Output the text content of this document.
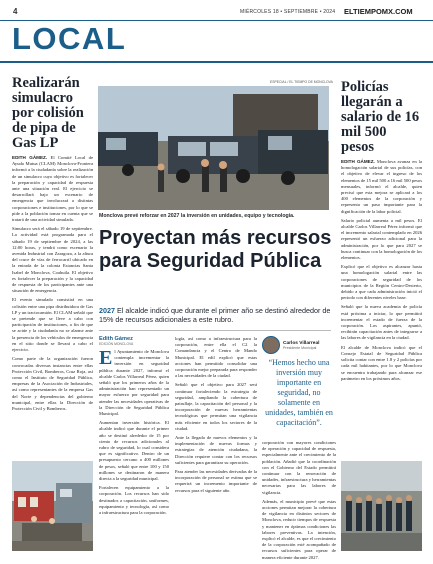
4	MIÉRCOLES 18 • SEPTIEMBRE • 2024 ELTIEMPOMX.COM
LOCAL
Realizarán simulacro por colisión de pipa de Gas LP

EDITH GÁMEZ. El Comité Local de Ayuda Mutua (CLAM) Monclova-Frontera informó a la ciudadanía sobre la realización de un simulacro cuyo objetivo es fortalecer la preparación y capacidad de respuesta ante una situación real. El ejercicio se desarrollará bajo un escenario de emergencia que involucrará a distintas corporaciones e instituciones, por lo que se pide a la población tomar en cuenta que se tratará de una actividad simulada.

Simulacro será el sábado 19 de septiembre. La actividad está programada para el sábado 19 de septiembre de 2024, a las 12:00 horas, y tendrá como escenario la avenida Industrial con Zaragoza, a la altura del cruce de vías de ferrocarril ubicado en la entrada de la colonia Estancias Santa Isabel de Monclova, Coahuila. El objetivo es fortalecer la preparación y la capacidad de respuesta de los participantes ante una situación de emergencia.

El evento simulado consistirá en una colisión entre una pipa distribuidora de Gas LP y un tractocamión. El CLAM señaló que se pretende que se lleve a cabo con participación de instituciones, a fin de que se actúe y la ciudadanía no se alarme ante la presencia de los vehículos de emergencia en el sitio donde se llevará a cabo el ejercicio.

Como parte de la organización fueron convocadas diversas instancias entre ellas Protección Civil, Bomberos, Cruz Roja, así como el Instituto de Seguridad Pública, empresas de la Asociación de Industriales, así como representantes de la empresa Gas del Norte y dependencias del gobierno municipal, entre ellas la Dirección de Protección Civil y Bomberos.

ESPECIAL / EL TIEMPO DE MONCLOVA
Monclova prevé reforzar en 2027 la inversión en unidades, equipo y tecnología.
Proyectan más recursos para Seguridad Pública
2027 El alcalde indicó que durante el primer año se destinó alrededor de 15% de recursos adicionales a este rubro.
Edith Gámez
EDICIÓN MONCLOVA

El Ayuntamiento de Monclova contempla incrementar la inversión en seguridad pública durante 2027, informó el alcalde Carlos Villarreal Pérez, quien señaló que los primeros años de la administración han representado un mayor esfuerzo por seguridad para atender las necesidades operativas de la Dirección de Seguridad Pública Municipal.

Aumentan inversión histórica. El alcalde indicó que durante el primer año se destinó alrededor de 15 por ciento de recursos adicionales al rubro de seguridad, lo cual considera que es significativo. Dentro de un presupuesto cercano a 400 millones de pesos, señaló que entre 100 y 150 millones se destinaron de manera directa a la seguridad municipal.

Fortalecen equipamiento a la corporación. Los recursos han sido destinados a capacitación, uniformes, equipamiento y tecnología, así como a infraestructura para la corporación.

logía, así como a infraestructura para la corporación, entre ella el C2 la Comandancia y el Centro de Mando Municipal. El edil explicó que estas acciones han permitido consolidar una corporación mejor preparada para responder a las necesidades de la ciudad.

Señaló que el objetivo para 2027 será continuar fortaleciendo la estrategia de seguridad, ampliando la cobertura de patrullaje, la capacitación del personal y la incorporación de nuevas herramientas tecnológicas que permitan una vigilancia más eficiente en todos los sectores de la ciudad.

Ante la llegada de nuevos elementos y la implementación de nuevas formas y estrategias de atención ciudadana, la Dirección requiere contar con los recursos suficientes para garantizar su operación.

Para atender las necesidades derivadas de la incorporación de personal se estima que se requerirá un incremento importante de recursos para el siguiente año.

Carlos Villarreal
Presidente Municipal
“Hemos hecho una inversión muy importante en seguridad, no solamente en unidades, también en capacitación”.

corporación con mayores condiciones de operación y capacidad de respuesta, especialmente ante el crecimiento de la población. Añadió que la coordinación con el Gobierno del Estado permitirá continuar con la renovación de unidades, infraestructura y herramientas necesarias para las labores de vigilancia.

Además, el municipio prevé que estas acciones permitan mejorar la cobertura de vigilancia en distintos sectores de Monclova, reducir tiempos de respuesta y mantener en óptimas condiciones las labores preventivas. La intención, explicó el alcalde, es que el crecimiento de la corporación esté acompañado de recursos suficientes para operar de manera eficiente durante 2027.

Policías llegarán a salario de 16 mil 500 pesos

EDITH GÁMEZ. Monclova avanza en la homologación salarial de sus policías, con el objetivo de elevar el ingreso de los elementos de 15 mil 500 a 16 mil 500 pesos mensuales, informó el alcalde, quien precisó que esta mejora se aplicará a los 400 elementos de la corporación y representa un paso importante para la dignificación de la labor policial.

Salario policial aumenta a mil pesos. El alcalde Carlos Villarreal Pérez informó que el incremento salarial contemplado en 2026 representó un esfuerzo adicional para la administración, por lo que para 2027 se busca continuar con la homologación de los elementos.

Explicó que el objetivo es alcanzar hasta una homologación salarial entre las corporaciones de seguridad de los municipios de la Región Centro-Desierto, debido a que cada administración inició el periodo con diferentes niveles base.

Señaló que la nueva academia de policía está próxima a iniciar, lo que permitirá incrementar el estado de fuerza de la corporación. Los aspirantes, apuntó, recibirán capacitación antes de integrarse a las labores de vigilancia en la ciudad.

El alcalde de Monclova indicó que el Consejo Estatal de Seguridad Pública solicita contar con entre 1.8 y 2 policías por cada mil habitantes, por lo que Monclova se encuentra trabajando para alcanzar ese parámetro en los próximos años.
